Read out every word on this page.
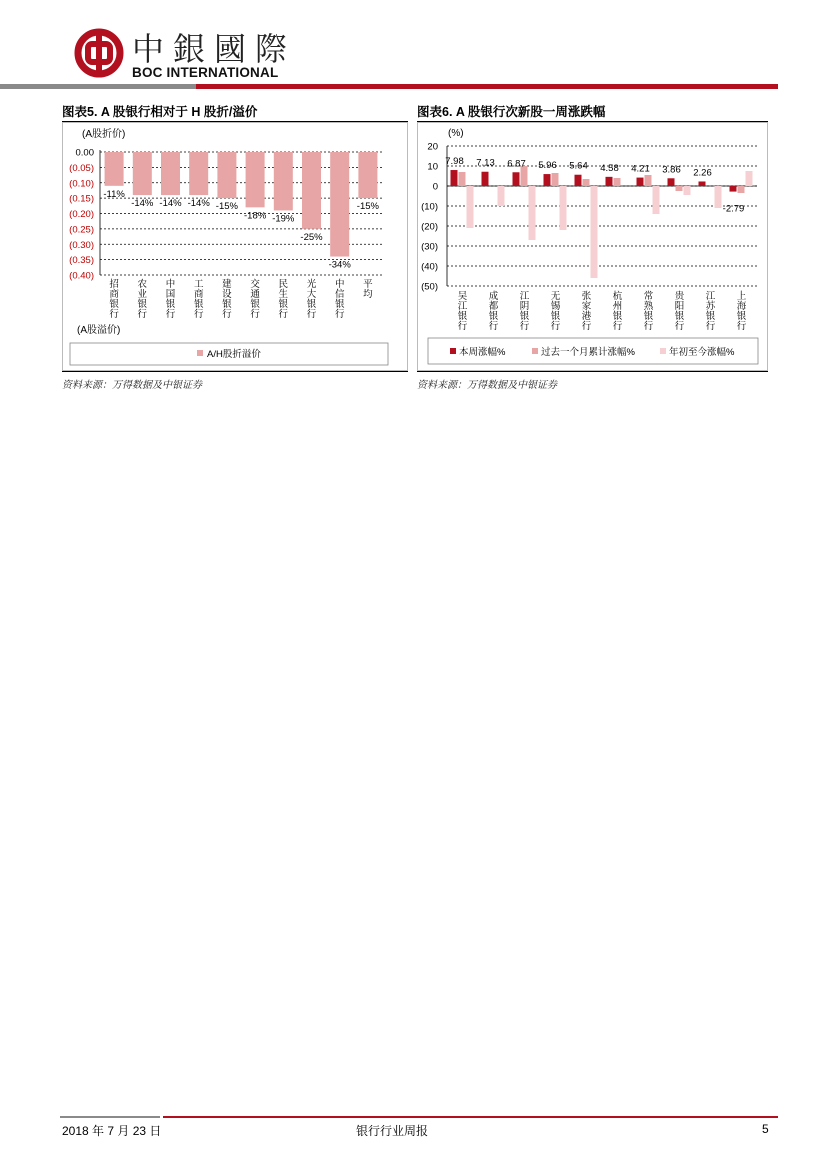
中銀國際
BOC INTERNATIONAL
图表5. A 股银行相对于 H 股折/溢价	图表6. A 股银行次新股一周涨跌幅
(A股折价)
0.00
(0.05)
(0.10)
(0.15)
(0.20)
(0.25)
(0.30)
(0.35)
(0.40)
-11%
招商银行
-14%
农业银行
-14%
中国银行
-14%
工商银行
-15%
建设银行
-18%
交通银行
-19%
民生银行
-25%
光大银行
-34%
中信银行
-15%
平均
(A股溢价)
A/H股折溢价
(%)
20
10
0
(10)
(20)
(30)
(40)
(50)
7.98
吴江银行
7.13
成都银行
6.87
江阴银行
5.96
无锡银行
5.64
张家港行
4.58
杭州银行
4.21
常熟银行
3.86
贵阳银行
2.26
江苏银行
-2.79
上海银行
本周涨幅%	过去一个月累计涨幅%	年初至今涨幅%
资料来源：万得数据及中银证券	资料来源：万得数据及中银证券
2018 年 7 月 23 日	银行行业周报	5
